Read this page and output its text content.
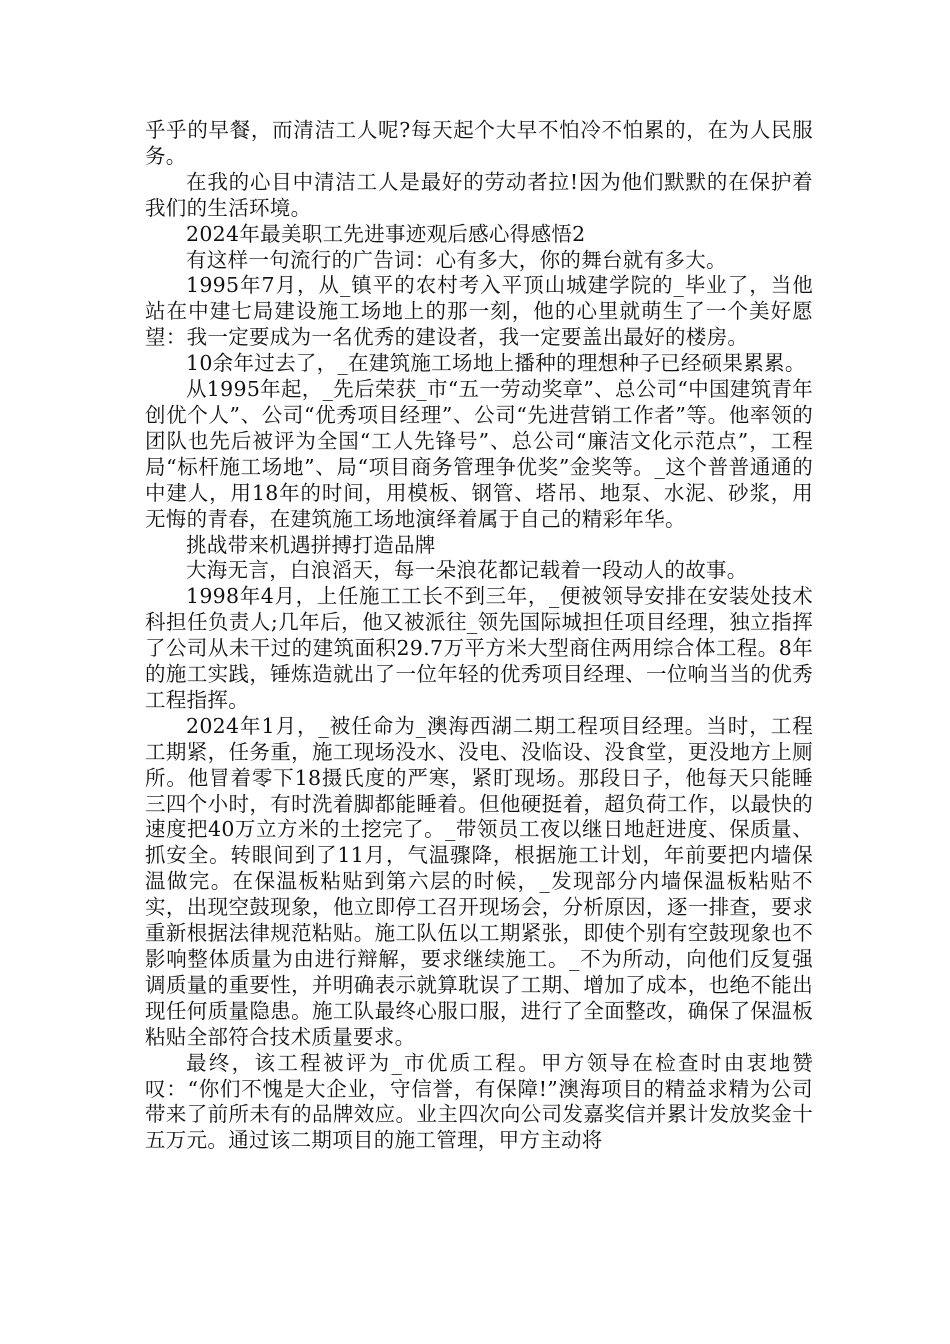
乎乎的早餐，而清洁工人呢?每天起个大早不怕冷不怕累的，在为人民服务。

在我的心目中清洁工人是最好的劳动者拉!因为他们默默的在保护着我们的生活环境。

2024年最美职工先进事迹观后感心得感悟2

有这样一句流行的广告词：心有多大，你的舞台就有多大。

1995年7月，从_镇平的农村考入平顶山城建学院的_毕业了，当他站在中建七局建设施工场地上的那一刻，他的心里就萌生了一个美好愿望：我一定要成为一名优秀的建设者，我一定要盖出最好的楼房。

10余年过去了，_在建筑施工场地上播种的理想种子已经硕果累累。

从1995年起，_先后荣获_市“五一劳动奖章”、总公司“中国建筑青年创优个人”、公司“优秀项目经理”、公司“先进营销工作者”等。他率领的团队也先后被评为全国“工人先锋号”、总公司“廉洁文化示范点”，工程局“标杆施工场地”、局“项目商务管理争优奖”金奖等。_这个普普通通的中建人，用18年的时间，用模板、钢管、塔吊、地泵、水泥、砂浆，用无悔的青春，在建筑施工场地演绎着属于自己的精彩年华。

挑战带来机遇拼搏打造品牌

大海无言，白浪滔天，每一朵浪花都记载着一段动人的故事。

1998年4月，上任施工工长不到三年，_便被领导安排在安装处技术科担任负责人;几年后，他又被派往_领先国际城担任项目经理，独立指挥了公司从未干过的建筑面积29.7万平方米大型商住两用综合体工程。8年的施工实践，锤炼造就出了一位年轻的优秀项目经理、一位响当当的优秀工程指挥。

2024年1月，_被任命为_澳海西湖二期工程项目经理。当时，工程工期紧，任务重，施工现场没水、没电、没临设、没食堂，更没地方上厕所。他冒着零下18摄氏度的严寒，紧盯现场。那段日子，他每天只能睡三四个小时，有时洗着脚都能睡着。但他硬挺着，超负荷工作，以最快的速度把40万立方米的土挖完了。_带领员工夜以继日地赶进度、保质量、抓安全。转眼间到了11月，气温骤降，根据施工计划，年前要把内墙保温做完。在保温板粘贴到第六层的时候，_发现部分内墙保温板粘贴不实，出现空鼓现象，他立即停工召开现场会，分析原因，逐一排查，要求重新根据法律规范粘贴。施工队伍以工期紧张，即使个别有空鼓现象也不影响整体质量为由进行辩解，要求继续施工。_不为所动，向他们反复强调质量的重要性，并明确表示就算耽误了工期、增加了成本，也绝不能出现任何质量隐患。施工队最终心服口服，进行了全面整改，确保了保温板粘贴全部符合技术质量要求。

最终，该工程被评为_市优质工程。甲方领导在检查时由衷地赞叹：“你们不愧是大企业，守信誉，有保障!”澳海项目的精益求精为公司带来了前所未有的品牌效应。业主四次向公司发嘉奖信并累计发放奖金十五万元。通过该二期项目的施工管理，甲方主动将
